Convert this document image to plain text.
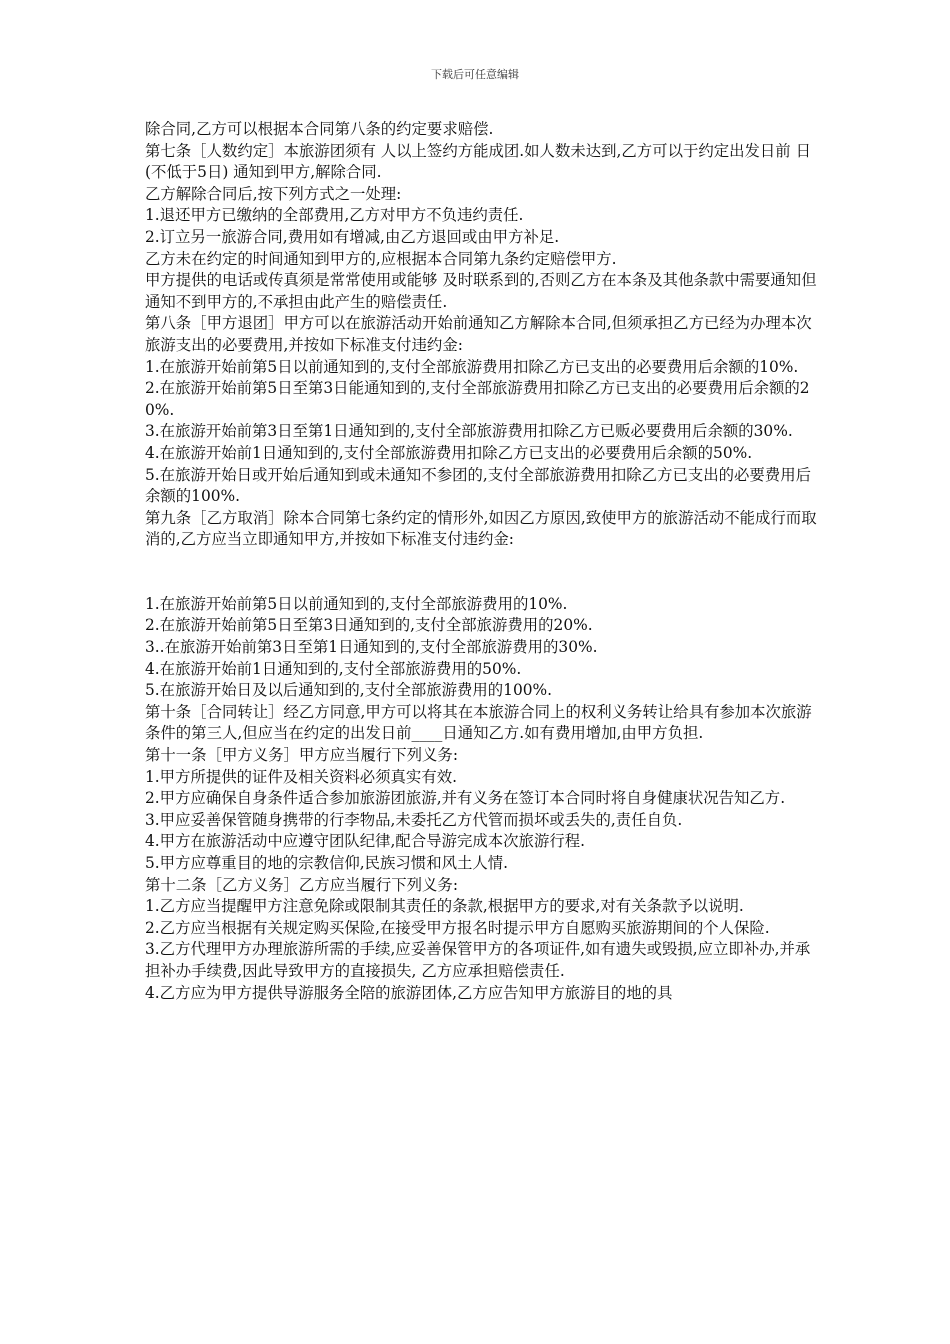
下载后可任意编辑

除合同,乙方可以根据本合同第八条的约定要求赔偿.

第七条［人数约定］本旅游团须有 人以上签约方能成团.如人数未达到,乙方可以于约定出发日前 日(不低于5日) 通知到甲方,解除合同.

乙方解除合同后,按下列方式之一处理:

1.退还甲方已缴纳的全部费用,乙方对甲方不负违约责任.

2.订立另一旅游合同,费用如有增减,由乙方退回或由甲方补足.

乙方未在约定的时间通知到甲方的,应根据本合同第九条约定赔偿甲方.

甲方提供的电话或传真须是常常使用或能够 及时联系到的,否则乙方在本条及其他条款中需要通知但通知不到甲方的,不承担由此产生的赔偿责任.

第八条［甲方退团］甲方可以在旅游活动开始前通知乙方解除本合同,但须承担乙方已经为办理本次旅游支出的必要费用,并按如下标准支付违约金:

1.在旅游开始前第5日以前通知到的,支付全部旅游费用扣除乙方已支出的必要费用后余额的10%.

2.在旅游开始前第5日至第3日能通知到的,支付全部旅游费用扣除乙方已支出的必要费用后余额的20%.

3.在旅游开始前第3日至第1日通知到的,支付全部旅游费用扣除乙方已贩必要费用后余额的30%.

4.在旅游开始前1日通知到的,支付全部旅游费用扣除乙方已支出的必要费用后余额的50%.

5.在旅游开始日或开始后通知到或未通知不参团的,支付全部旅游费用扣除乙方已支出的必要费用后余额的100%.

第九条［乙方取消］除本合同第七条约定的情形外,如因乙方原因,致使甲方的旅游活动不能成行而取消的,乙方应当立即通知甲方,并按如下标准支付违约金:

1.在旅游开始前第5日以前通知到的,支付全部旅游费用的10%.

2.在旅游开始前第5日至第3日通知到的,支付全部旅游费用的20%.

3..在旅游开始前第3日至第1日通知到的,支付全部旅游费用的30%.

4.在旅游开始前1日通知到的,支付全部旅游费用的50%.

5.在旅游开始日及以后通知到的,支付全部旅游费用的100%.

第十条［合同转让］经乙方同意,甲方可以将其在本旅游合同上的权利义务转让给具有参加本次旅游条件的第三人,但应当在约定的出发日前____日通知乙方.如有费用增加,由甲方负担.

第十一条［甲方义务］甲方应当履行下列义务:

1.甲方所提供的证件及相关资料必须真实有效.

2.甲方应确保自身条件适合参加旅游团旅游,并有义务在签订本合同时将自身健康状况告知乙方.

3.甲应妥善保管随身携带的行李物品,未委托乙方代管而损坏或丢失的,责任自负.

4.甲方在旅游活动中应遵守团队纪律,配合导游完成本次旅游行程.

5.甲方应尊重目的地的宗教信仰,民族习惯和风土人情.

第十二条［乙方义务］乙方应当履行下列义务:

1.乙方应当提醒甲方注意免除或限制其责任的条款,根据甲方的要求,对有关条款予以说明.

2.乙方应当根据有关规定购买保险,在接受甲方报名时提示甲方自愿购买旅游期间的个人保险.

3.乙方代理甲方办理旅游所需的手续,应妥善保管甲方的各项证件,如有遗失或毁损,应立即补办,并承担补办手续费,因此导致甲方的直接损失, 乙方应承担赔偿责任.

4.乙方应为甲方提供导游服务全陪的旅游团体,乙方应告知甲方旅游目的地的具
